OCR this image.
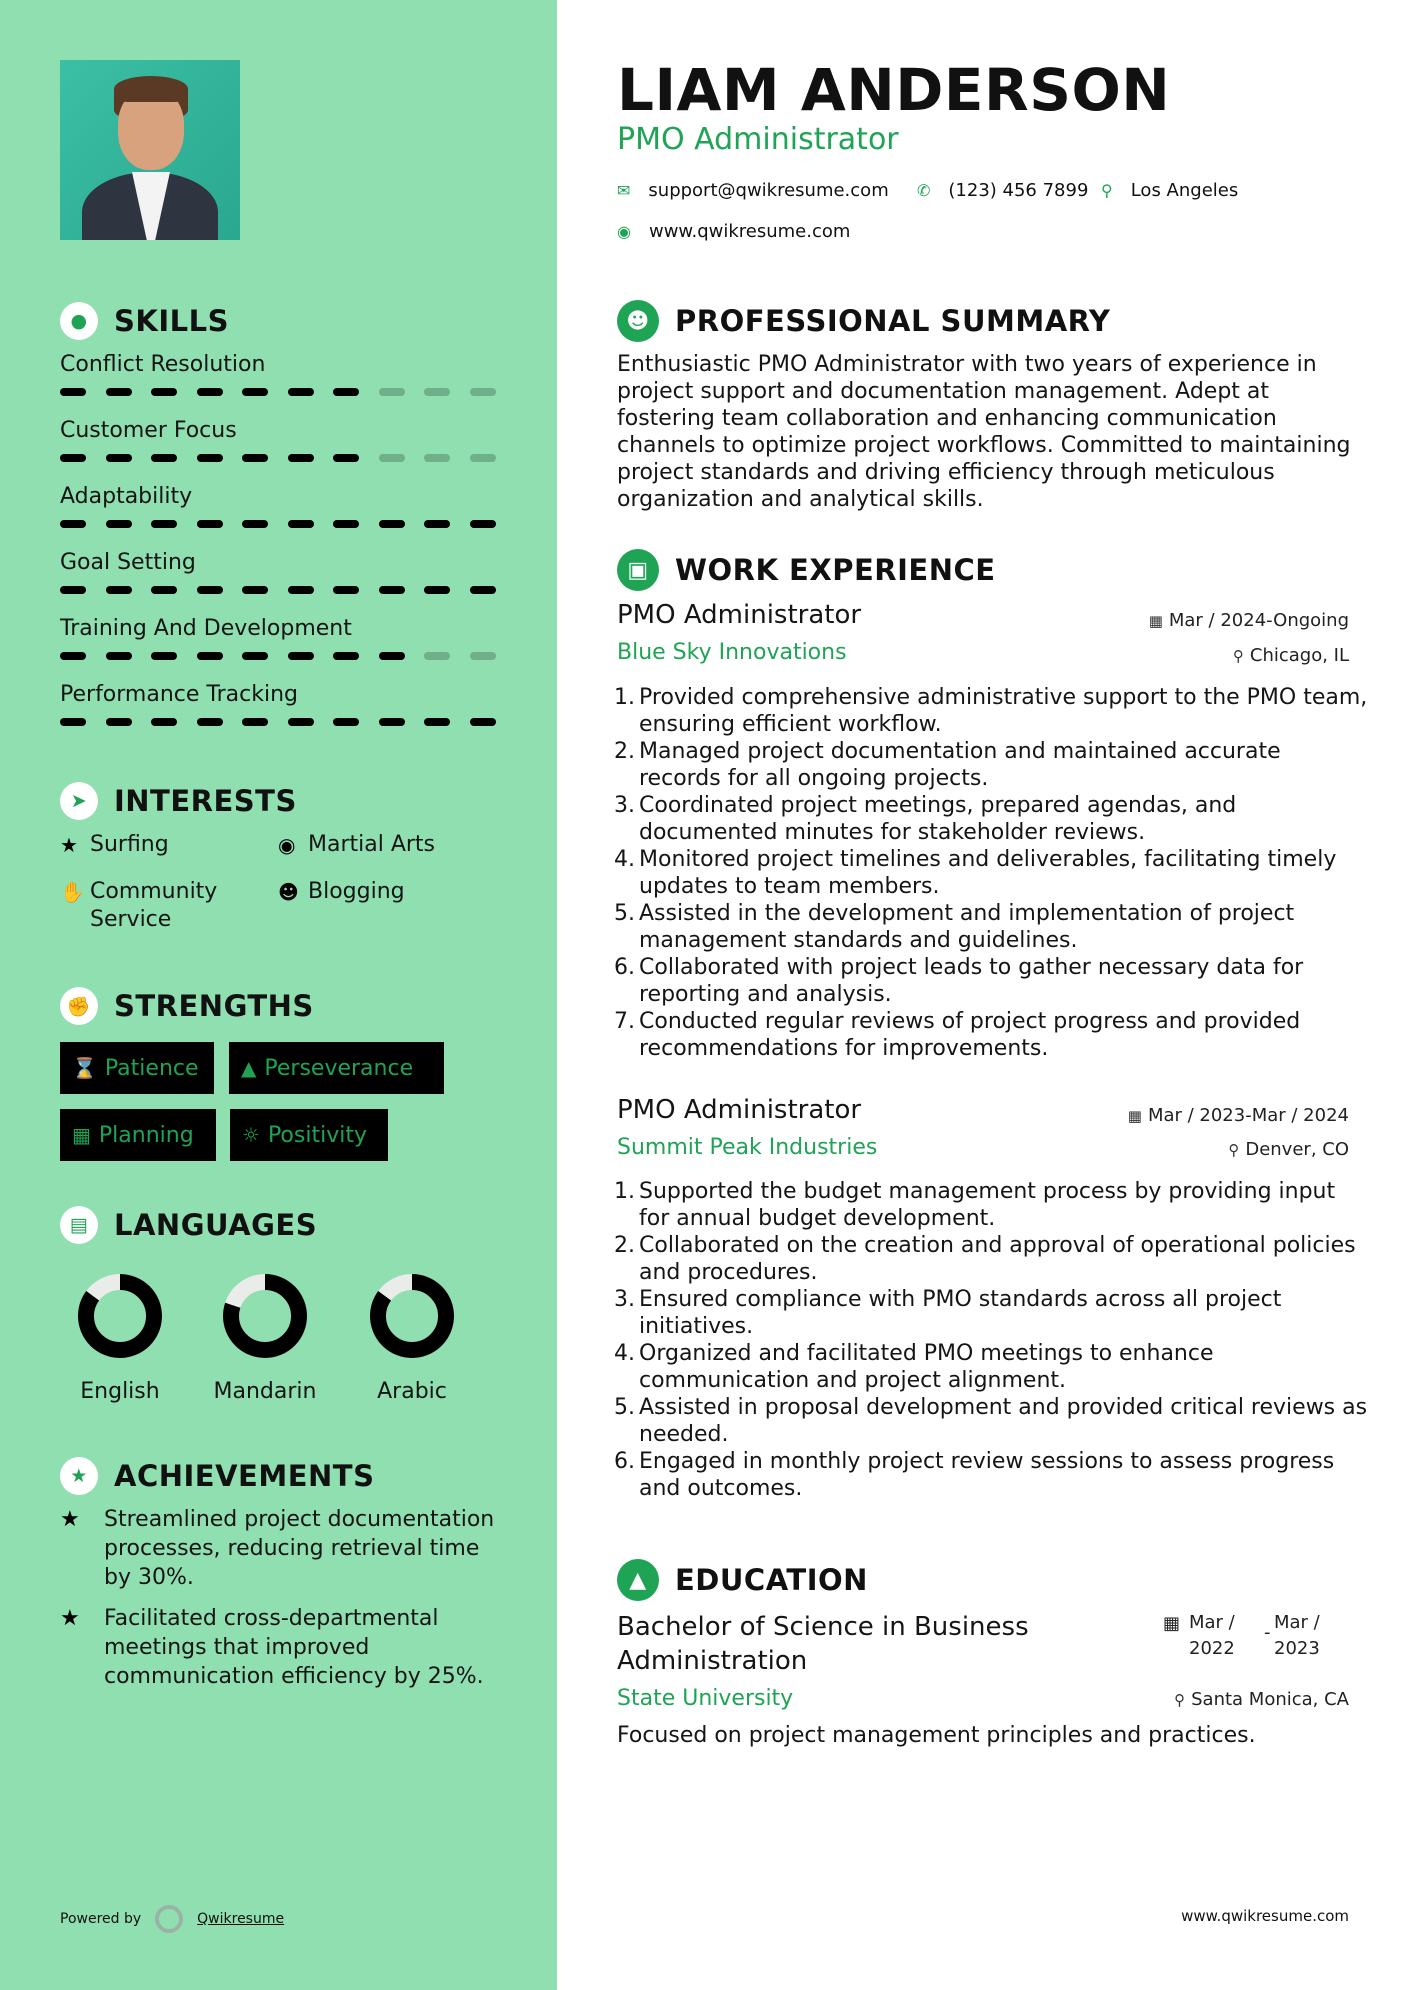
● SKILLS
Conflict Resolution
Customer Focus
Adaptability
Goal Setting
Training And Development
Performance Tracking
➤ INTERESTS
★ Surfing	◉ Martial Arts
✋ Community Service
☻ Blogging
✊ STRENGTHS
⌛ Patience ▲ Perseverance
▦ Planning ☼ Positivity
▤ LANGUAGES
English	Mandarin	Arabic
★ ACHIEVEMENTS
★	Streamlined project documentation processes, reducing retrieval time by 30%.
★	Facilitated cross-departmental meetings that improved communication efficiency by 25%.
Powered by	Qwikresume
LIAM ANDERSON
PMO Administrator
✉ support@qwikresume.com ✆ (123) 456 7899 ⚲ Los Angeles
◉ www.qwikresume.com
☻ PROFESSIONAL SUMMARY
Enthusiastic PMO Administrator with two years of experience in project support and documentation management. Adept at fostering team collaboration and enhancing communication channels to optimize project workflows. Committed to maintaining project standards and driving efficiency through meticulous organization and analytical skills.
▣ WORK EXPERIENCE
PMO Administrator	▦ Mar / 2024-Ongoing
Blue Sky Innovations	⚲ Chicago, IL
1. Provided comprehensive administrative support to the PMO team, ensuring efficient workflow.
2. Managed project documentation and maintained accurate records for all ongoing projects.
3. Coordinated project meetings, prepared agendas, and documented minutes for stakeholder reviews.
4. Monitored project timelines and deliverables, facilitating timely updates to team members.
5. Assisted in the development and implementation of project management standards and guidelines.
6. Collaborated with project leads to gather necessary data for reporting and analysis.
7. Conducted regular reviews of project progress and provided recommendations for improvements.
PMO Administrator	▦ Mar / 2023-Mar / 2024
Summit Peak Industries	⚲ Denver, CO
1. Supported the budget management process by providing input for annual budget development.
2. Collaborated on the creation and approval of operational policies and procedures.
3. Ensured compliance with PMO standards across all project initiatives.
4. Organized and facilitated PMO meetings to enhance communication and project alignment.
5. Assisted in proposal development and provided critical reviews as needed.
6. Engaged in monthly project review sessions to assess progress and outcomes.
▲ EDUCATION
Bachelor of Science in Business Administration
▦ Mar /
2022
- Mar /
2023
State University	⚲ Santa Monica, CA
Focused on project management principles and practices.
www.qwikresume.com
